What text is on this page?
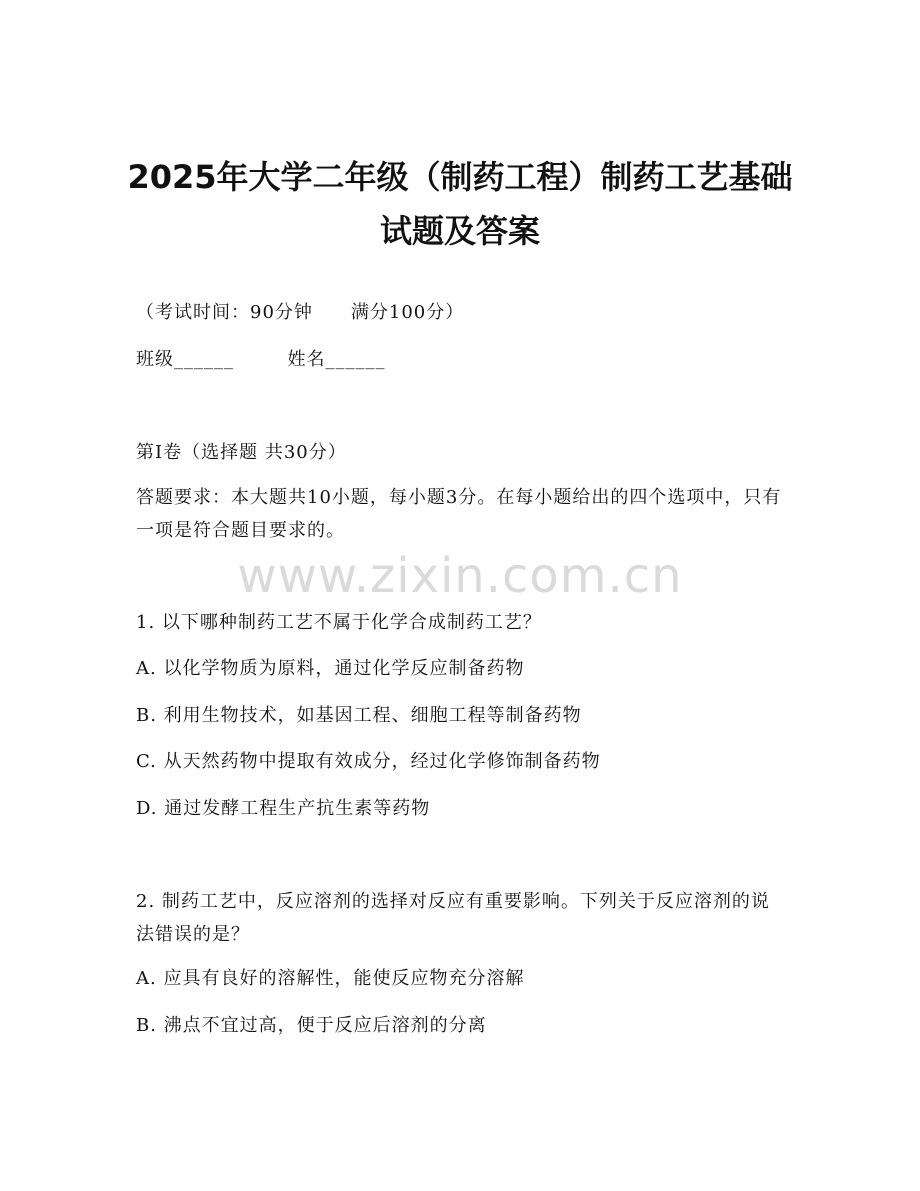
2025年大学二年级（制药工程）制药工艺基础试题及答案
（考试时间：90分钟　　满分100分）
班级______	姓名______
第I卷（选择题 共30分）
答题要求：本大题共10小题，每小题3分。在每小题给出的四个选项中，只有一项是符合题目要求的。
www.zixin.com.cn
1. 以下哪种制药工艺不属于化学合成制药工艺？
A. 以化学物质为原料，通过化学反应制备药物
B. 利用生物技术，如基因工程、细胞工程等制备药物
C. 从天然药物中提取有效成分，经过化学修饰制备药物
D. 通过发酵工程生产抗生素等药物
2. 制药工艺中，反应溶剂的选择对反应有重要影响。下列关于反应溶剂的说法错误的是？
A. 应具有良好的溶解性，能使反应物充分溶解
B. 沸点不宜过高，便于反应后溶剂的分离
